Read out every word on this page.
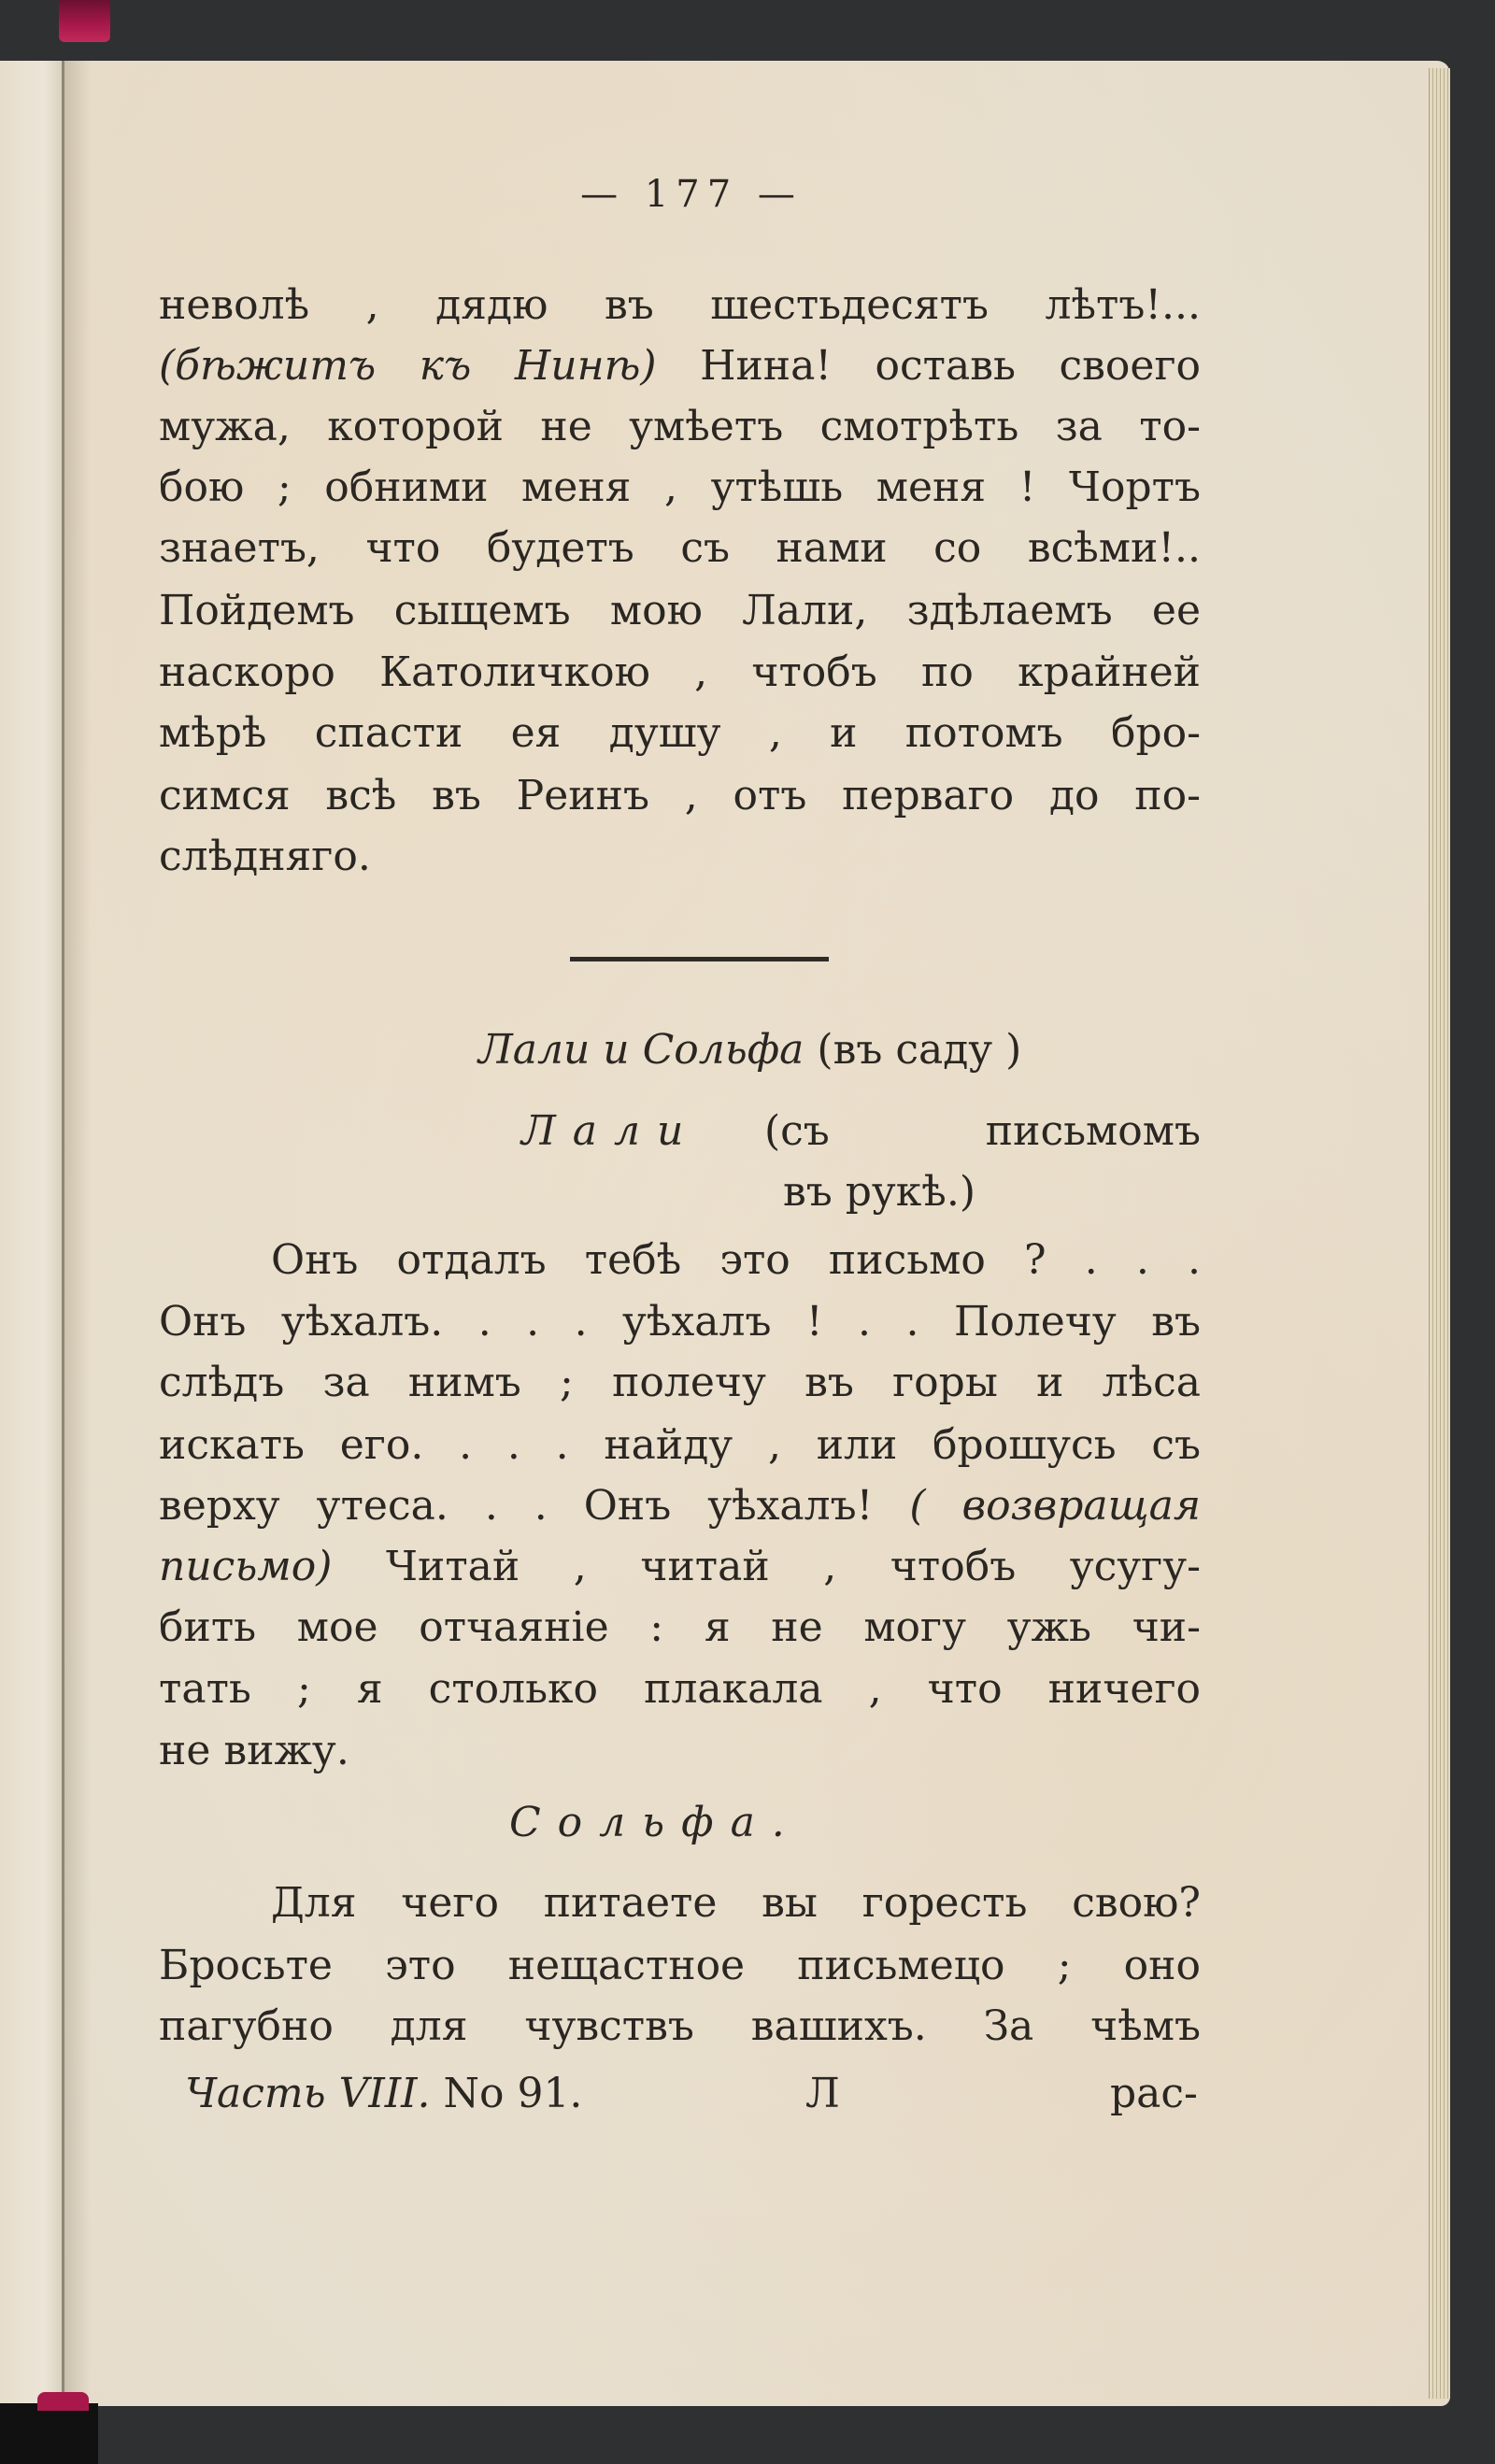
— 177 —
неволѣ , дядю въ шестьдесятъ лѣтъ!...
(бѣжитъ къ Нинѣ) Нина! оставь своего
мужа, которой не умѣетъ смотрѣть за то-
бою ; обними меня , утѣшь меня ! Чортъ
знаетъ, что будетъ съ нами со всѣми!..
Пойдемъ сыщемъ мою Лали, здѣлаемъ ее
наскоро Католичкою , чтобъ по крайней
мѣрѣ спасти ея душу , и потомъ бро-
симся всѣ въ Реинъ , отъ перваго до по-
слѣдняго.
Лали и Сольфа (въ саду )
Лали (съ письмомъ
въ рукѣ.)
Онъ отдалъ тебѣ это письмо ? . . .
Онъ уѣхалъ. . . . уѣхалъ ! . . Полечу въ
слѣдъ за нимъ ; полечу въ горы и лѣса
искать его. . . . найду , или брошусь съ
верху утеса. . . Онъ уѣхалъ! ( возвращая
письмо) Читай , читай , чтобъ усугу-
бить мое отчаяніе : я не могу ужь чи-
тать ; я столько плакала , что ничего
не вижу.
Сольфа.
Для чего питаете вы горесть свою?
Бросьте это нещастное письмецо ; оно
пагубно для чувствъ вашихъ. За чѣмъ
Часть VIII. No 91.	Л	рас-
